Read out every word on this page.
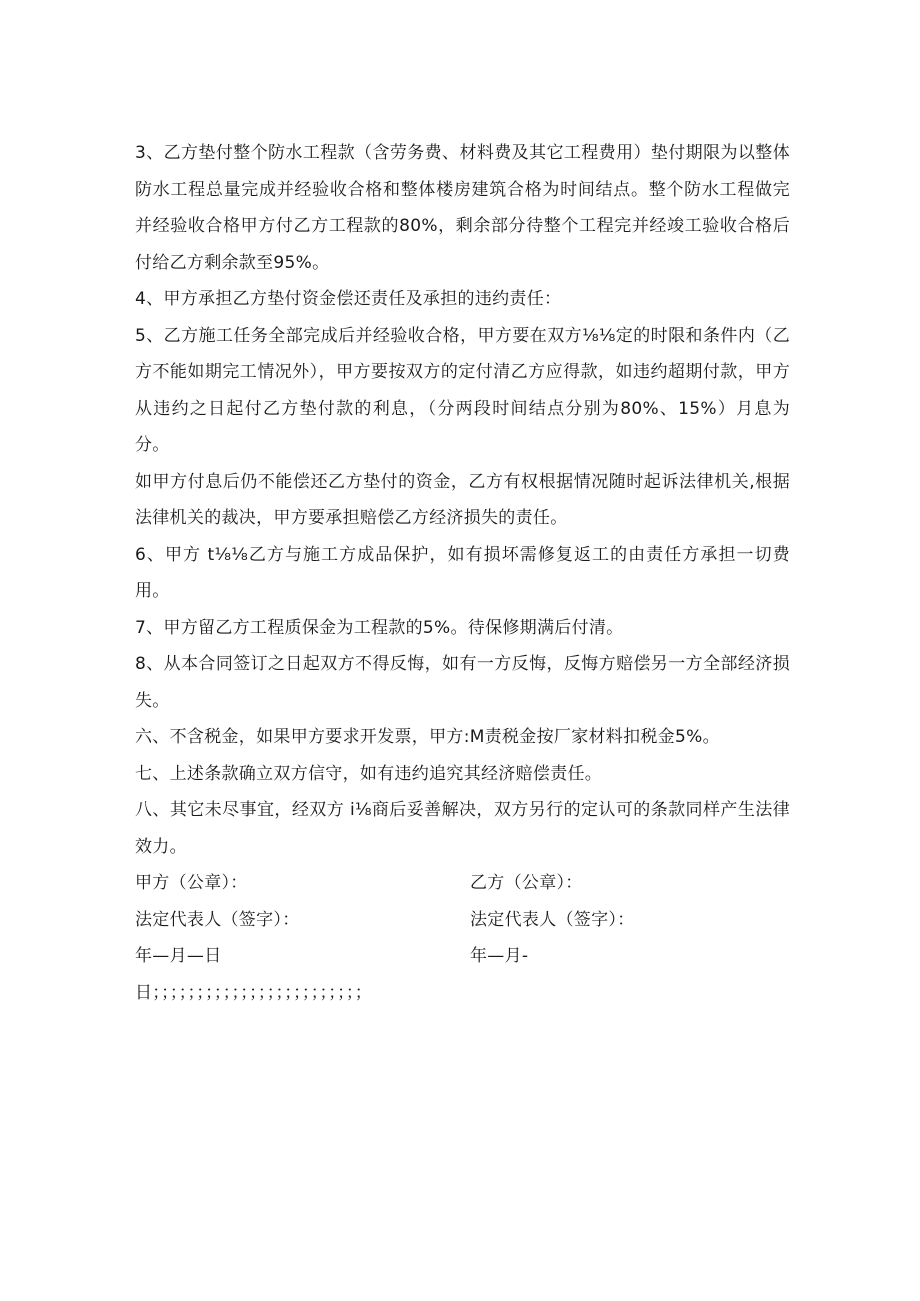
3、乙方垫付整个防水工程款（含劳务费、材料费及其它工程费用）垫付期限为以整体防水工程总量完成并经验收合格和整体楼房建筑合格为时间结点。整个防水工程做完并经验收合格甲方付乙方工程款的80%，剩余部分待整个工程完并经竣工验收合格后付给乙方剩余款至95%。

4、甲方承担乙方垫付资金偿还责任及承担的违约责任：

5、乙方施工任务全部完成后并经验收合格，甲方要在双方⅛⅛定的时限和条件内（乙方不能如期完工情况外），甲方要按双方的定付清乙方应得款，如违约超期付款，甲方从违约之日起付乙方垫付款的利息，（分两段时间结点分别为80%、15%）月息为分。

如甲方付息后仍不能偿还乙方垫付的资金，乙方有权根据情况随时起诉法律机关,根据法律机关的裁决，甲方要承担赔偿乙方经济损失的责任。

6、甲方 t⅛⅛乙方与施工方成品保护，如有损坏需修复返工的由责任方承担一切费用。

7、甲方留乙方工程质保金为工程款的5%。待保修期满后付清。

8、从本合同签订之日起双方不得反悔，如有一方反悔，反悔方赔偿另一方全部经济损失。

六、不含税金，如果甲方要求开发票，甲方:M责税金按厂家材料扣税金5%。

七、上述条款确立双方信守，如有违约追究其经济赔偿责任。

八、其它未尽事宜，经双方 i⅛商后妥善解决，双方另行的定认可的条款同样产生法律效力。

甲方（公章）：	乙方（公章）：
法定代表人（签字）：	法定代表人（签字）：
年—月—日	年—月-

日；；；；；；；；；；；；；；；；；；；；；；；；
